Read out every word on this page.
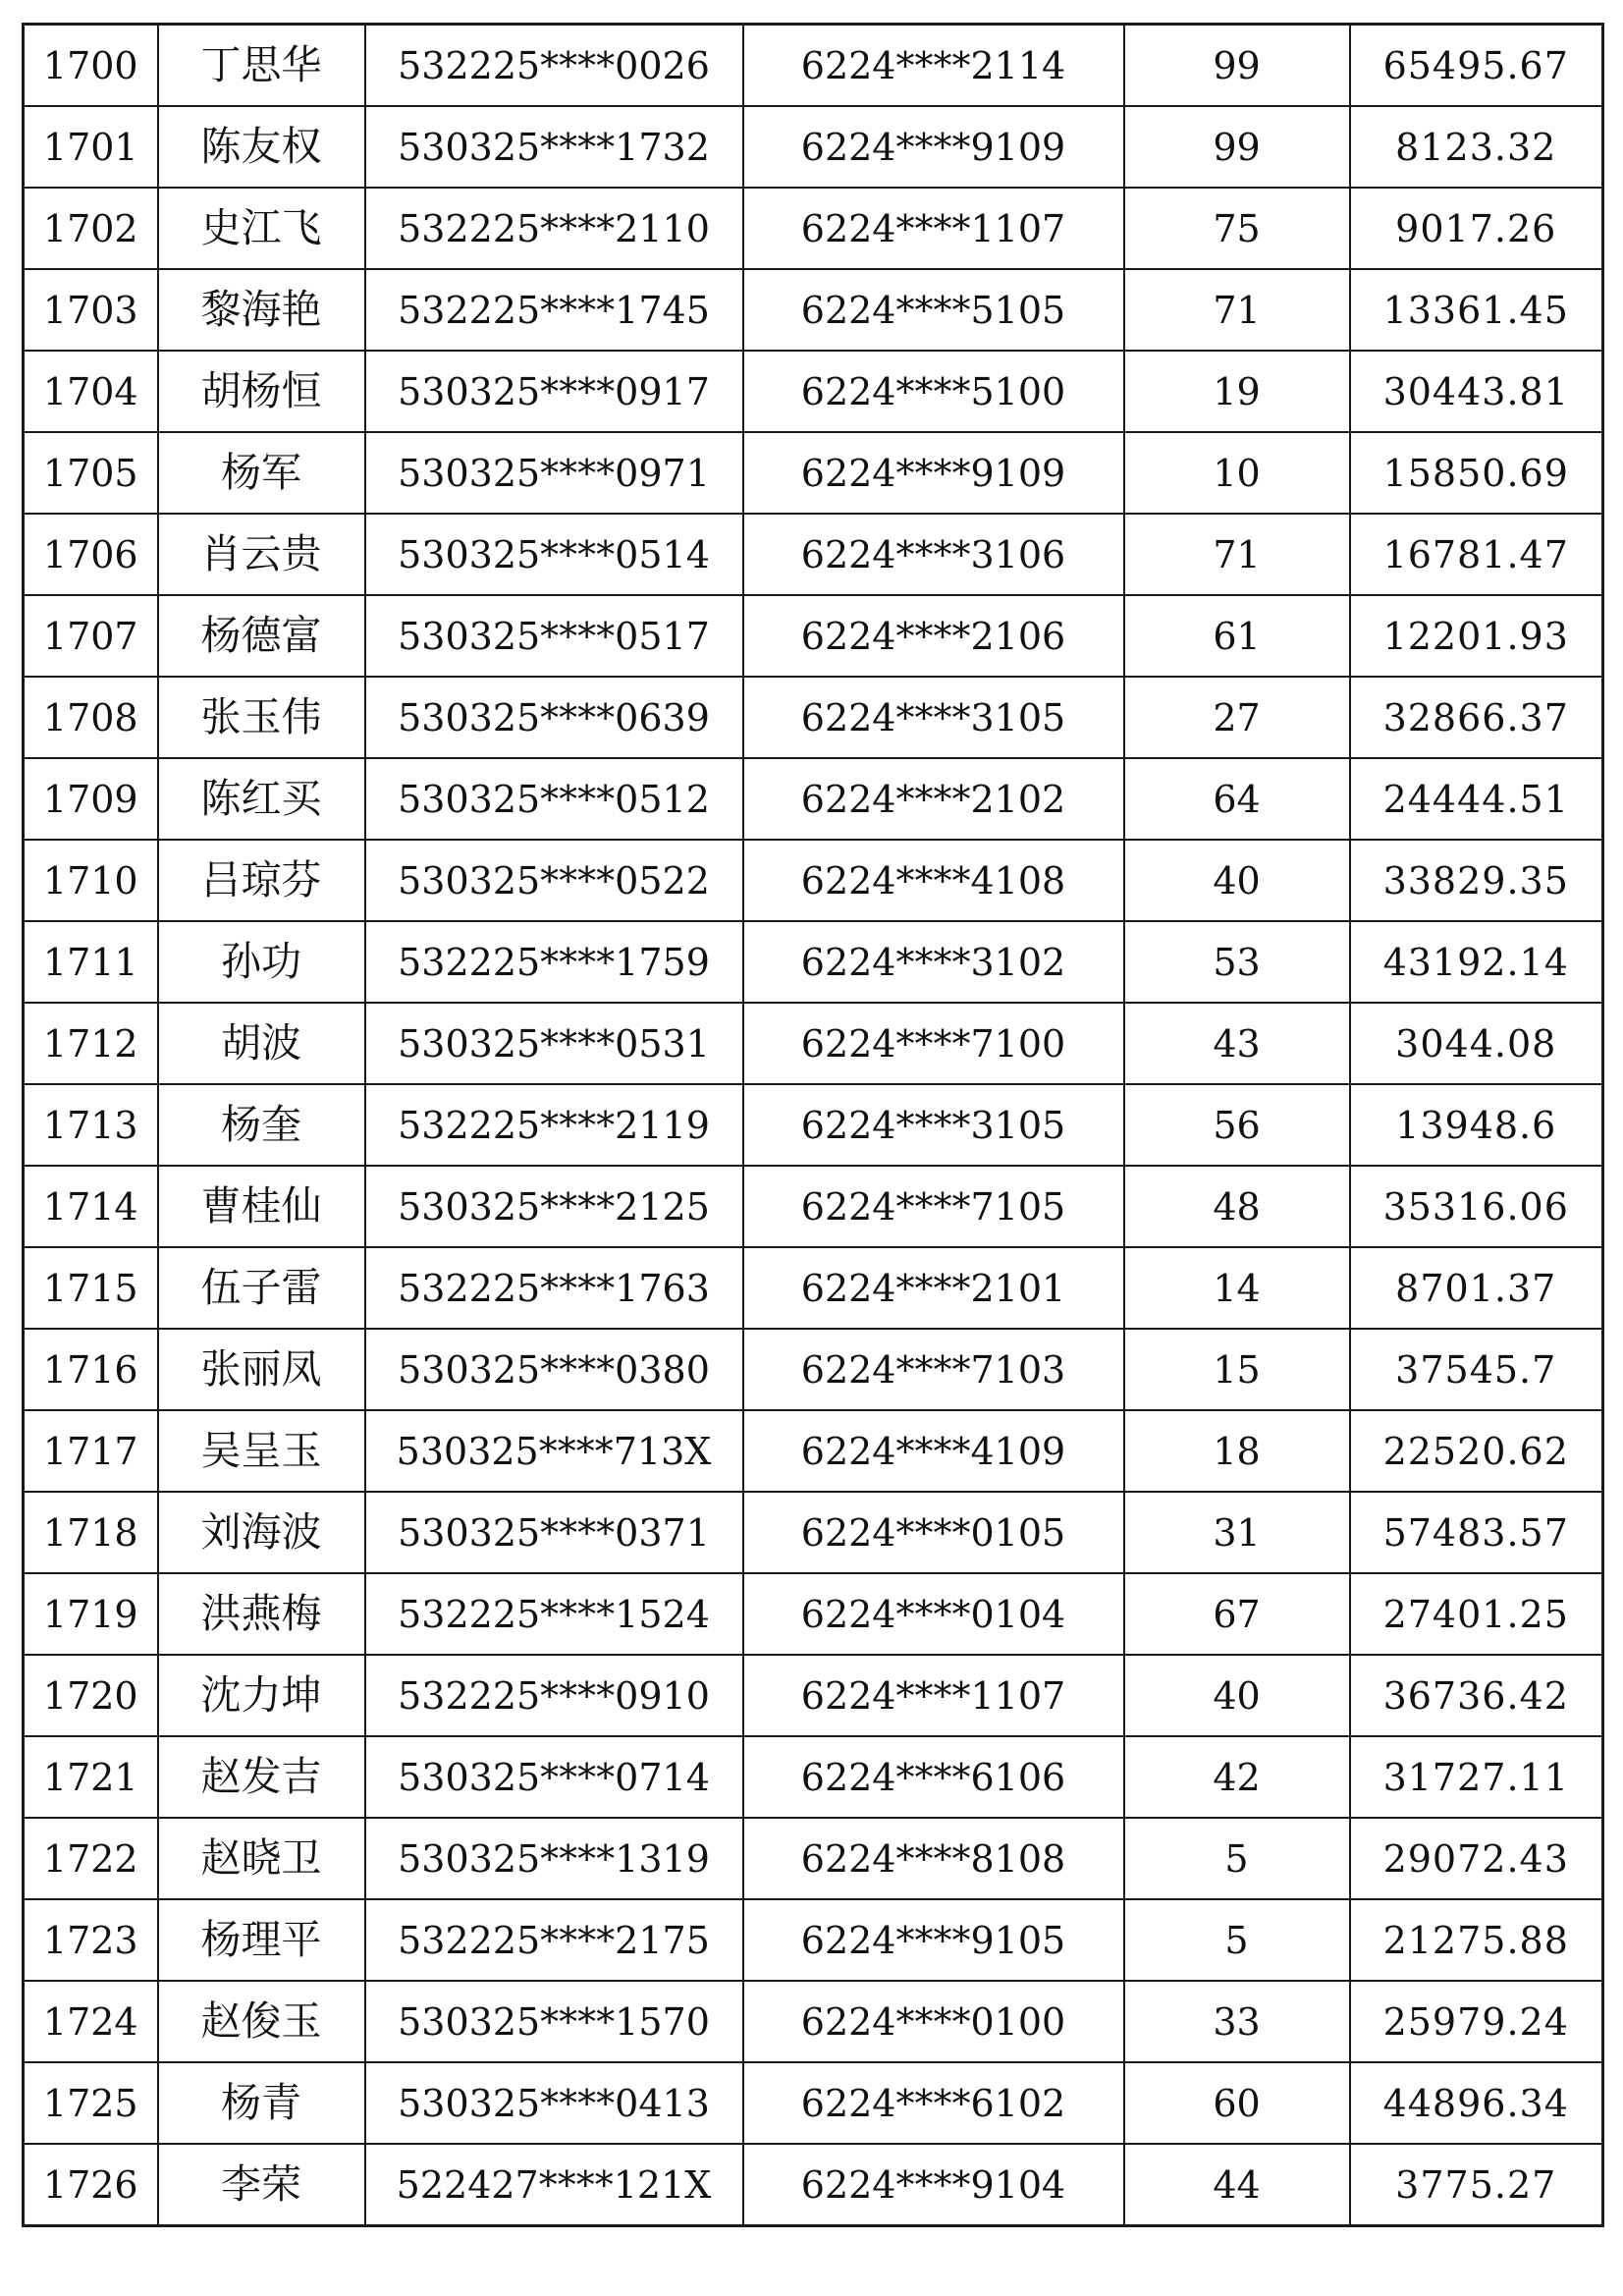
1700	丁思华	532225****0026	6224****2114	99	65495.67
1701	陈友权	530325****1732	6224****9109	99	8123.32
1702	史江飞	532225****2110	6224****1107	75	9017.26
1703	黎海艳	532225****1745	6224****5105	71	13361.45
1704	胡杨恒	530325****0917	6224****5100	19	30443.81
1705	杨军	530325****0971	6224****9109	10	15850.69
1706	肖云贵	530325****0514	6224****3106	71	16781.47
1707	杨德富	530325****0517	6224****2106	61	12201.93
1708	张玉伟	530325****0639	6224****3105	27	32866.37
1709	陈红买	530325****0512	6224****2102	64	24444.51
1710	吕琼芬	530325****0522	6224****4108	40	33829.35
1711	孙功	532225****1759	6224****3102	53	43192.14
1712	胡波	530325****0531	6224****7100	43	3044.08
1713	杨奎	532225****2119	6224****3105	56	13948.6
1714	曹桂仙	530325****2125	6224****7105	48	35316.06
1715	伍子雷	532225****1763	6224****2101	14	8701.37
1716	张丽凤	530325****0380	6224****7103	15	37545.7
1717	吴呈玉	530325****713X	6224****4109	18	22520.62
1718	刘海波	530325****0371	6224****0105	31	57483.57
1719	洪燕梅	532225****1524	6224****0104	67	27401.25
1720	沈力坤	532225****0910	6224****1107	40	36736.42
1721	赵发吉	530325****0714	6224****6106	42	31727.11
1722	赵晓卫	530325****1319	6224****8108	5	29072.43
1723	杨理平	532225****2175	6224****9105	5	21275.88
1724	赵俊玉	530325****1570	6224****0100	33	25979.24
1725	杨青	530325****0413	6224****6102	60	44896.34
1726	李荣	522427****121X	6224****9104	44	3775.27
